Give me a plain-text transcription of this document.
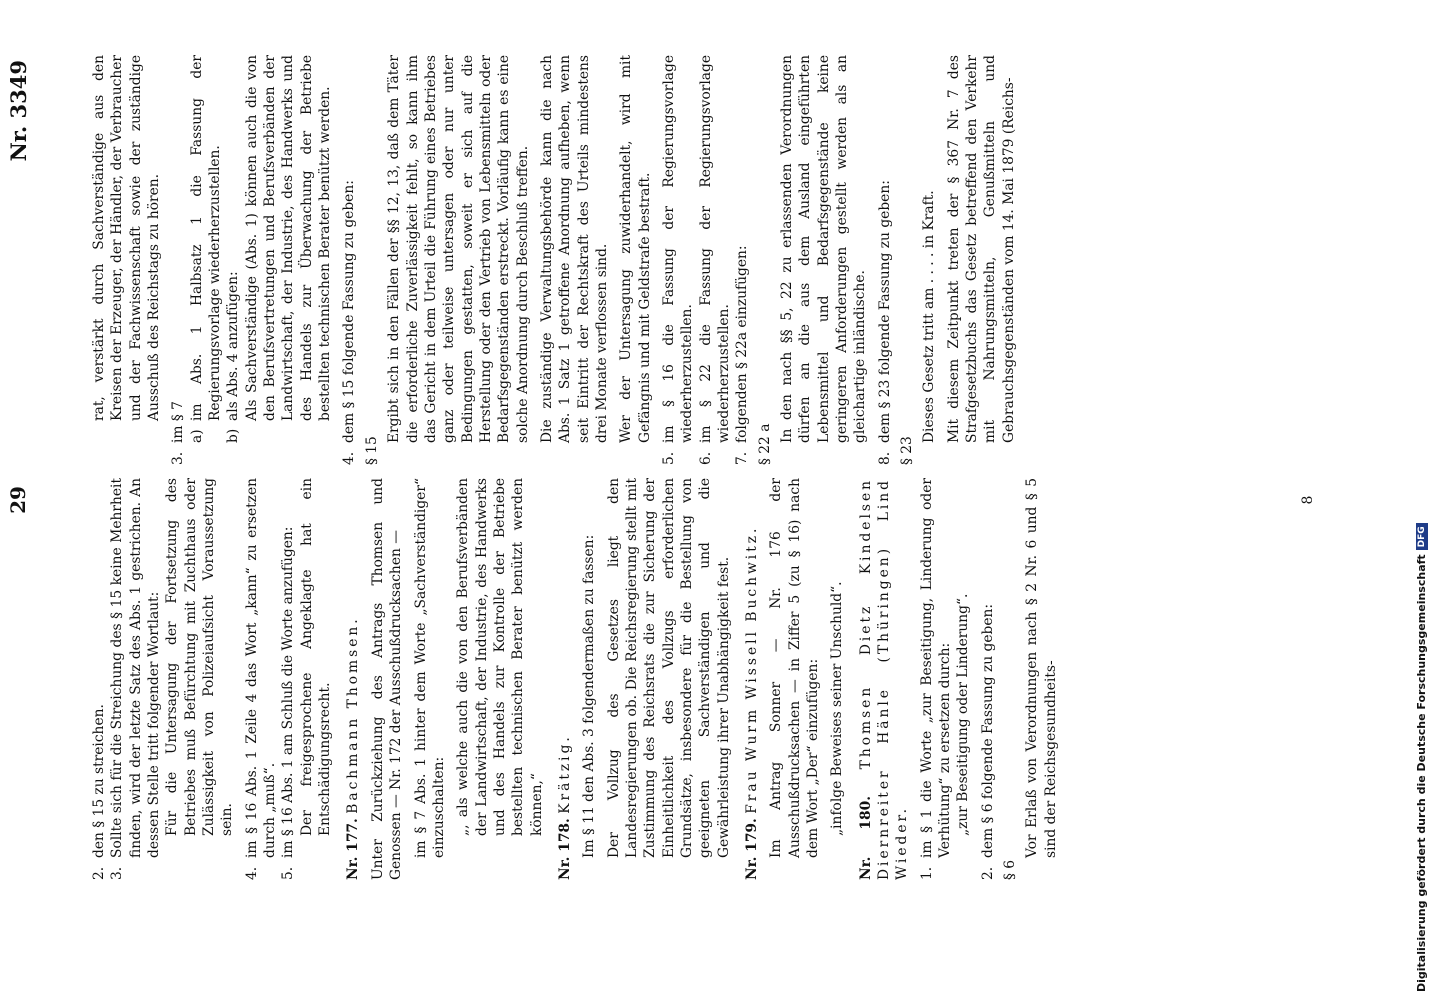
29
Nr. 3349
2.
den § 15 zu streichen.
3.
Sollte sich für die Streichung des § 15 keine Mehrheit finden, wird der letzte Satz des Abs. 1 gestrichen. An dessen Stelle tritt folgender Wortlaut: Für die Untersagung der Fortsetzung des Betriebes muß Befürchtung mit Zuchthaus oder Zulässigkeit von Polizeiaufsicht Voraussetzung sein.

4.
im § 16 Abs. 1 Zeile 4 das Wort „kann“ zu ersetzen durch „muß“.
5.
im § 16 Abs. 1 am Schluß die Worte anzufügen: Der freigesprochene Angeklagte hat ein Entschädigungsrecht.

Nr. 177. Bachmann Thomsen. Unter Zurückziehung des Antrags Thomsen und Genossen — Nr. 172 der Ausschußdrucksachen — im § 7 Abs. 1 hinter dem Worte „Sachverständiger“ einzuschalten: „, als welche auch die von den Berufsverbänden der Landwirtschaft, der Industrie, des Handwerks und des Handels zur Kontrolle der Betriebe bestellten technischen Berater benützt werden können,“

Nr. 178. Krätzig. Im § 11 den Abs. 3 folgendermaßen zu fassen: Der Vollzug des Gesetzes liegt den Landesregierungen ob. Die Reichsregierung stellt mit Zustimmung des Reichsrats die zur Sicherung der Einheitlichkeit des Vollzugs erforderlichen Grundsätze, insbesondere für die Bestellung von geeigneten Sachverständigen und die Gewährleistung ihrer Unabhängigkeit fest. Nr. 179. Frau Wurm Wissell Buchwitz. Im Antrag Sonner — Nr. 176 der Ausschußdrucksachen — in Ziffer 5 (zu § 16) nach dem Wort „Der“ einzufügen: „infolge Beweises seiner Unschuld“.

Nr. 180. Thomsen Dietz Kindelsen Diernreiter Hänle (Thüringen) Lind Wieder. 1.
im § 1 die Worte „zur Beseitigung, Linderung oder Verhütung“ zu ersetzen durch: „zur Beseitigung oder Linderung“.

2.
dem § 6 folgende Fassung zu geben:

§ 6

Vor Erlaß von Verordnungen nach § 2 Nr. 6 und § 5 sind der Reichsgesundheits-

rat, verstärkt durch Sachverständige aus den Kreisen der Erzeuger, der Händler, der Verbraucher und der Fachwissenschaft sowie der zuständige Ausschuß des Reichstags zu hören.

3.
im § 7 a)
im Abs. 1 Halbsatz 1 die Fassung der Regierungsvorlage wiederherzustellen.
b)
als Abs. 4 anzufügen: Als Sachverständige (Abs. 1) können auch die von den Berufsvertretungen und Berufsverbänden der Landwirtschaft, der Industrie, des Handwerks und des Handels zur Überwachung der Betriebe bestellten technischen Berater benützt werden.

4.
dem § 15 folgende Fassung zu geben:

§ 15

Ergibt sich in den Fällen der §§ 12, 13, daß dem Täter die erforderliche Zuverlässigkeit fehlt, so kann ihm das Gericht in dem Urteil die Führung eines Betriebes ganz oder teilweise untersagen oder nur unter Bedingungen gestatten, soweit er sich auf die Herstellung oder den Vertrieb von Lebensmitteln oder Bedarfsgegenständen erstreckt. Vorläufig kann es eine solche Anordnung durch Beschluß treffen. Die zuständige Verwaltungsbehörde kann die nach Abs. 1 Satz 1 getroffene Anordnung aufheben, wenn seit Eintritt der Rechtskraft des Urteils mindestens drei Monate verflossen sind. Wer der Untersagung zuwiderhandelt, wird mit Gefängnis und mit Geldstrafe bestraft.

5.
im § 16 die Fassung der Regierungsvorlage wiederherzustellen.
6.
im § 22 die Fassung der Regierungsvorlage wiederherzustellen.
7.
folgenden § 22a einzufügen:

§ 22 a

In den nach §§ 5, 22 zu erlassenden Verordnungen dürfen an die aus dem Ausland eingeführten Lebensmittel und Bedarfsgegenstände keine geringeren Anforderungen gestellt werden als an gleichartige inländische.

8.
dem § 23 folgende Fassung zu geben:

§ 23

Dieses Gesetz tritt am . . . . in Kraft. Mit diesem Zeitpunkt treten der § 367 Nr. 7 des Strafgesetzbuchs das Gesetz betreffend den Verkehr mit Nahrungsmitteln, Genußmitteln und Gebrauchsgegenständen vom 14. Mai 1879 (Reichs-

8
Digitalisierung gefördert durch die Deutsche Forschungsgemeinschaft
DFG
